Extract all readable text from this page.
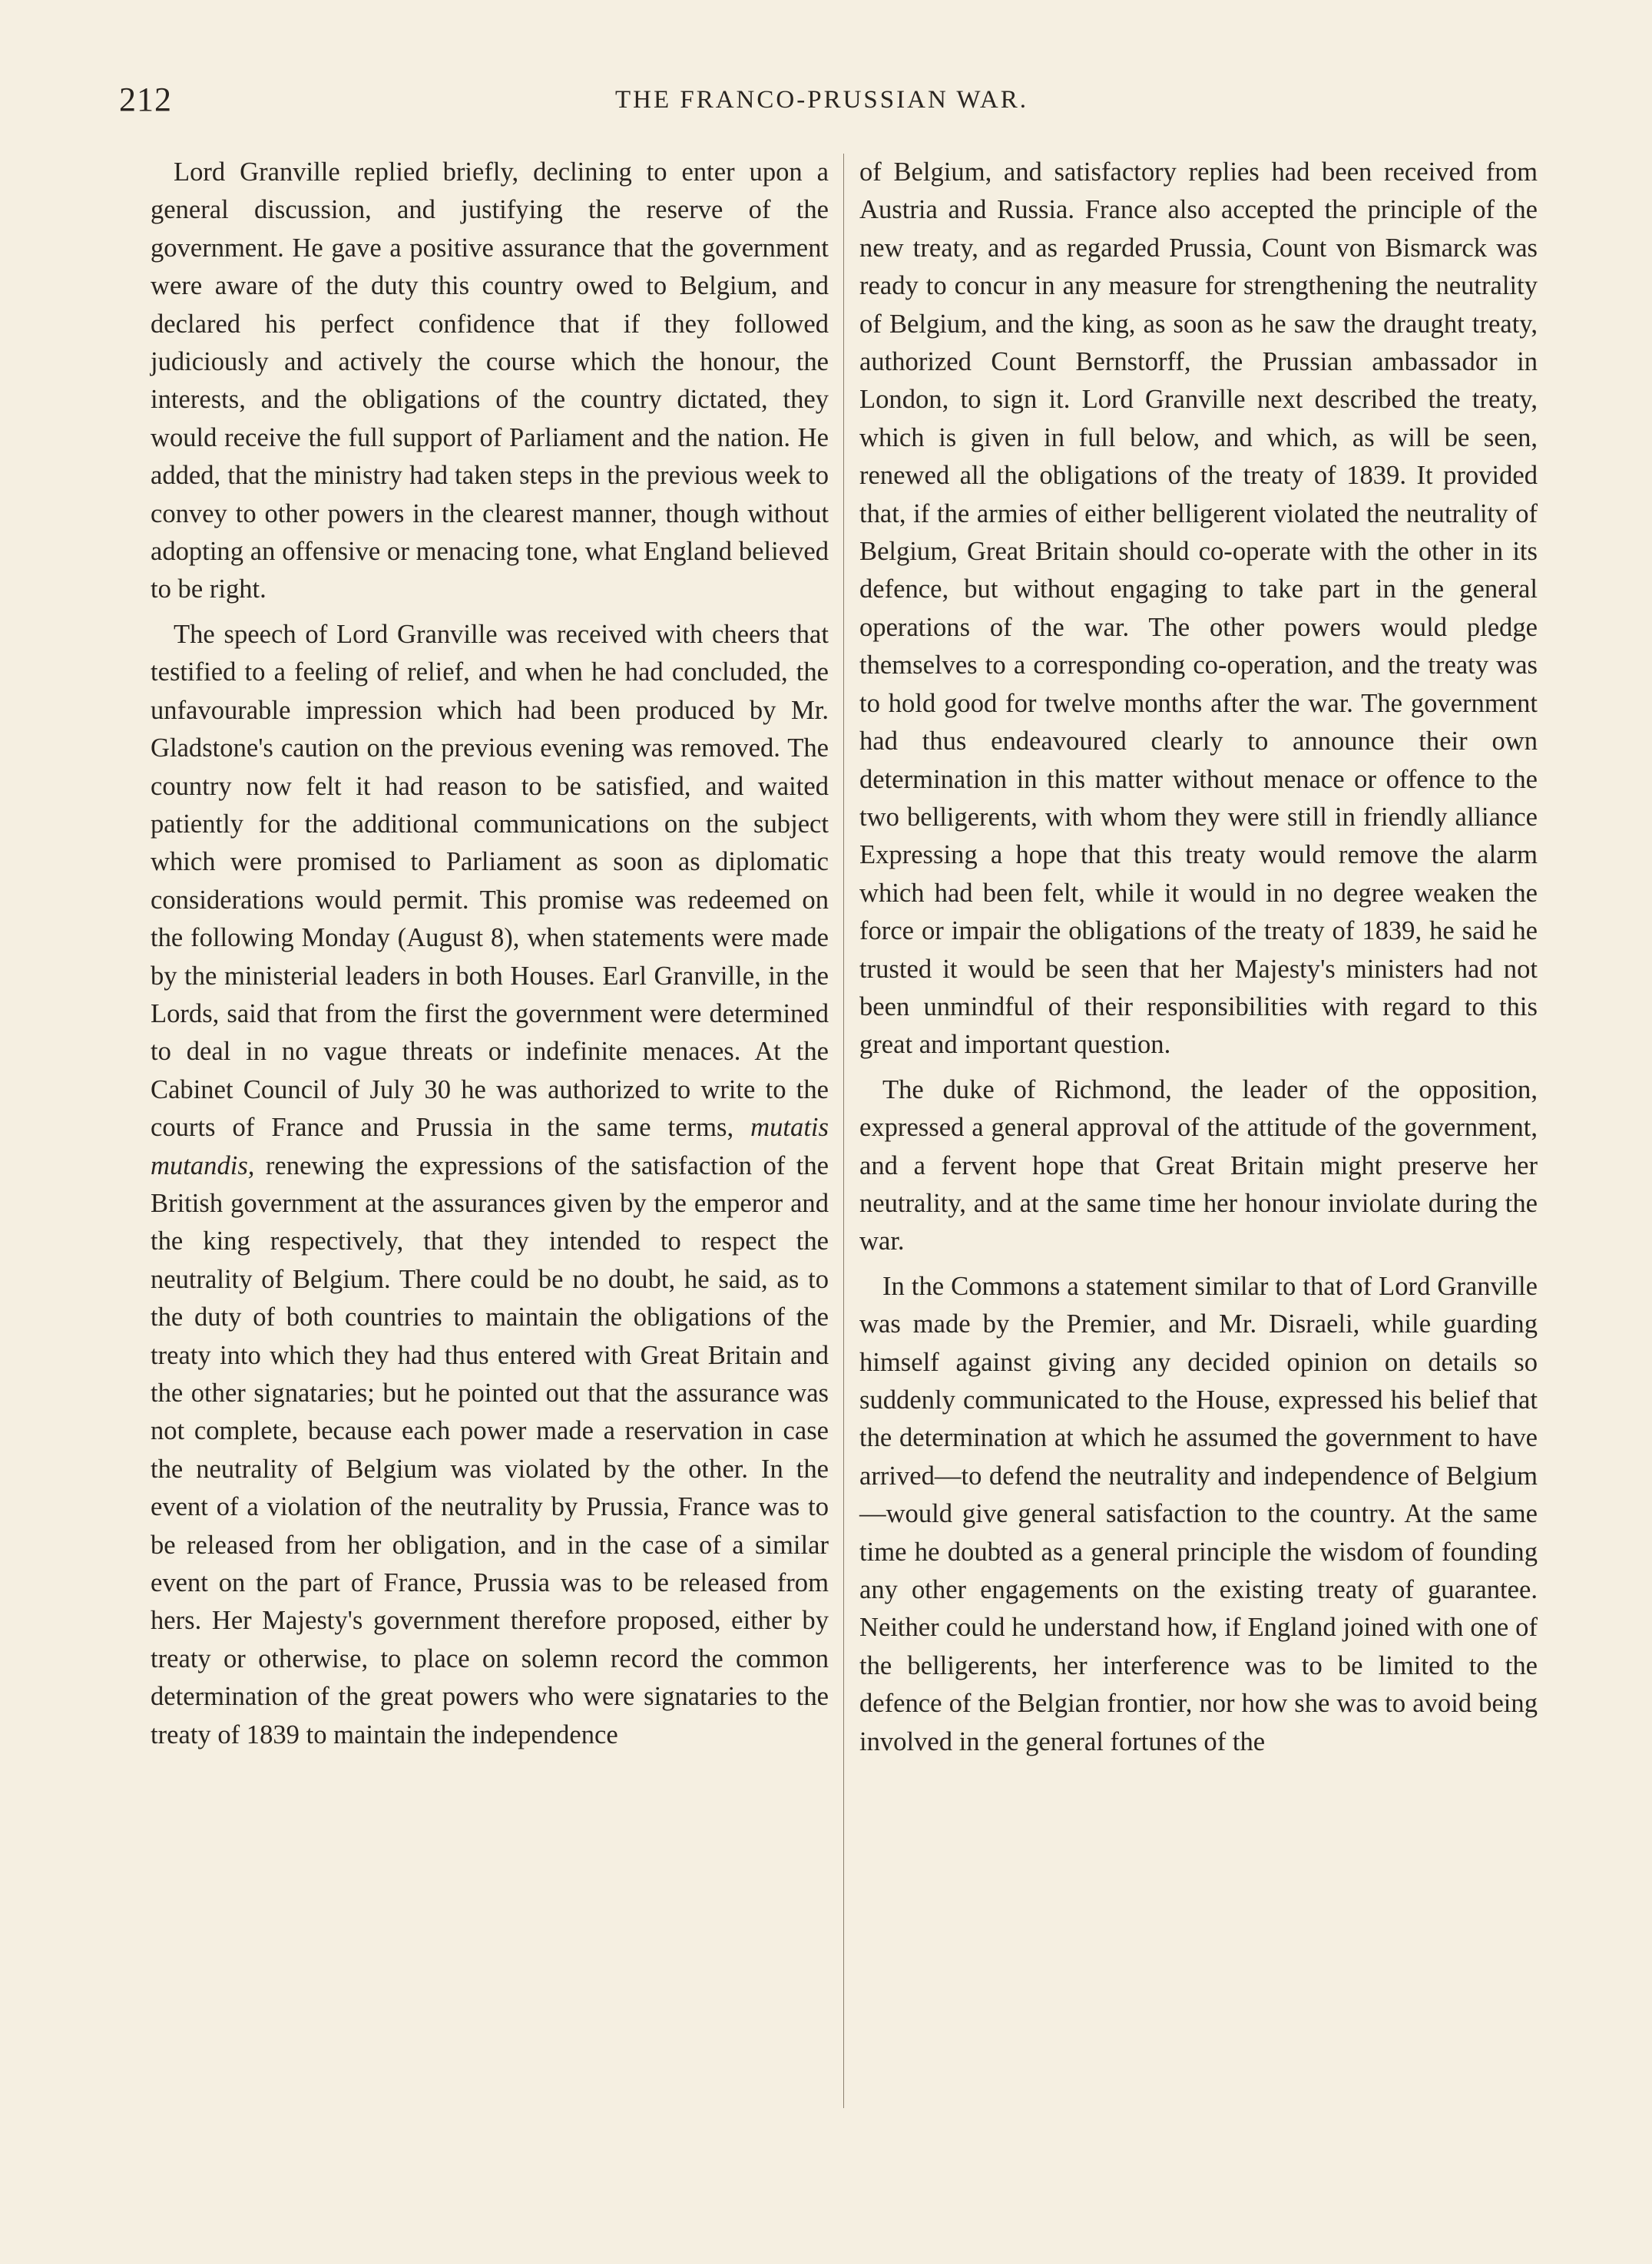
212	THE FRANCO-PRUSSIAN WAR.

Lord Granville replied briefly, declining to enter upon a general discussion, and justifying the reserve of the government. He gave a positive assurance that the government were aware of the duty this country owed to Belgium, and declared his perfect confidence that if they followed judiciously and actively the course which the honour, the interests, and the obligations of the country dictated, they would receive the full support of Parliament and the nation. He added, that the ministry had taken steps in the previous week to convey to other powers in the clearest manner, though without adopting an offensive or menacing tone, what England believed to be right.

The speech of Lord Granville was received with cheers that testified to a feeling of relief, and when he had concluded, the unfavourable impression which had been produced by Mr. Gladstone's caution on the previous evening was removed. The country now felt it had reason to be satisfied, and waited patiently for the additional communications on the subject which were promised to Parliament as soon as diplomatic considerations would permit. This promise was redeemed on the following Monday (August 8), when statements were made by the ministerial leaders in both Houses. Earl Granville, in the Lords, said that from the first the government were determined to deal in no vague threats or indefinite menaces. At the Cabinet Council of July 30 he was authorized to write to the courts of France and Prussia in the same terms, mutatis mutandis, renewing the expressions of the satisfaction of the British government at the assurances given by the emperor and the king respectively, that they intended to respect the neutrality of Belgium. There could be no doubt, he said, as to the duty of both countries to maintain the obligations of the treaty into which they had thus entered with Great Britain and the other signataries; but he pointed out that the assurance was not complete, because each power made a reservation in case the neutrality of Belgium was violated by the other. In the event of a violation of the neutrality by Prussia, France was to be released from her obligation, and in the case of a similar event on the part of France, Prussia was to be released from hers. Her Majesty's government therefore proposed, either by treaty or otherwise, to place on solemn record the common determination of the great powers who were signataries to the treaty of 1839 to maintain the independence

of Belgium, and satisfactory replies had been received from Austria and Russia. France also accepted the principle of the new treaty, and as regarded Prussia, Count von Bismarck was ready to concur in any measure for strengthening the neutrality of Belgium, and the king, as soon as he saw the draught treaty, authorized Count Bernstorff, the Prussian ambassador in London, to sign it. Lord Granville next described the treaty, which is given in full below, and which, as will be seen, renewed all the obligations of the treaty of 1839. It provided that, if the armies of either belligerent violated the neutrality of Belgium, Great Britain should co-operate with the other in its defence, but without engaging to take part in the general operations of the war. The other powers would pledge themselves to a corresponding co-operation, and the treaty was to hold good for twelve months after the war. The government had thus endeavoured clearly to announce their own determination in this matter without menace or offence to the two belligerents, with whom they were still in friendly alliance Expressing a hope that this treaty would remove the alarm which had been felt, while it would in no degree weaken the force or impair the obligations of the treaty of 1839, he said he trusted it would be seen that her Majesty's ministers had not been unmindful of their responsibilities with regard to this great and important question.

The duke of Richmond, the leader of the opposition, expressed a general approval of the attitude of the government, and a fervent hope that Great Britain might preserve her neutrality, and at the same time her honour inviolate during the war.

In the Commons a statement similar to that of Lord Granville was made by the Premier, and Mr. Disraeli, while guarding himself against giving any decided opinion on details so suddenly communicated to the House, expressed his belief that the determination at which he assumed the government to have arrived—to defend the neutrality and independence of Belgium—would give general satisfaction to the country. At the same time he doubted as a general principle the wisdom of founding any other engagements on the existing treaty of guarantee. Neither could he understand how, if England joined with one of the belligerents, her interference was to be limited to the defence of the Belgian frontier, nor how she was to avoid being involved in the general fortunes of the
